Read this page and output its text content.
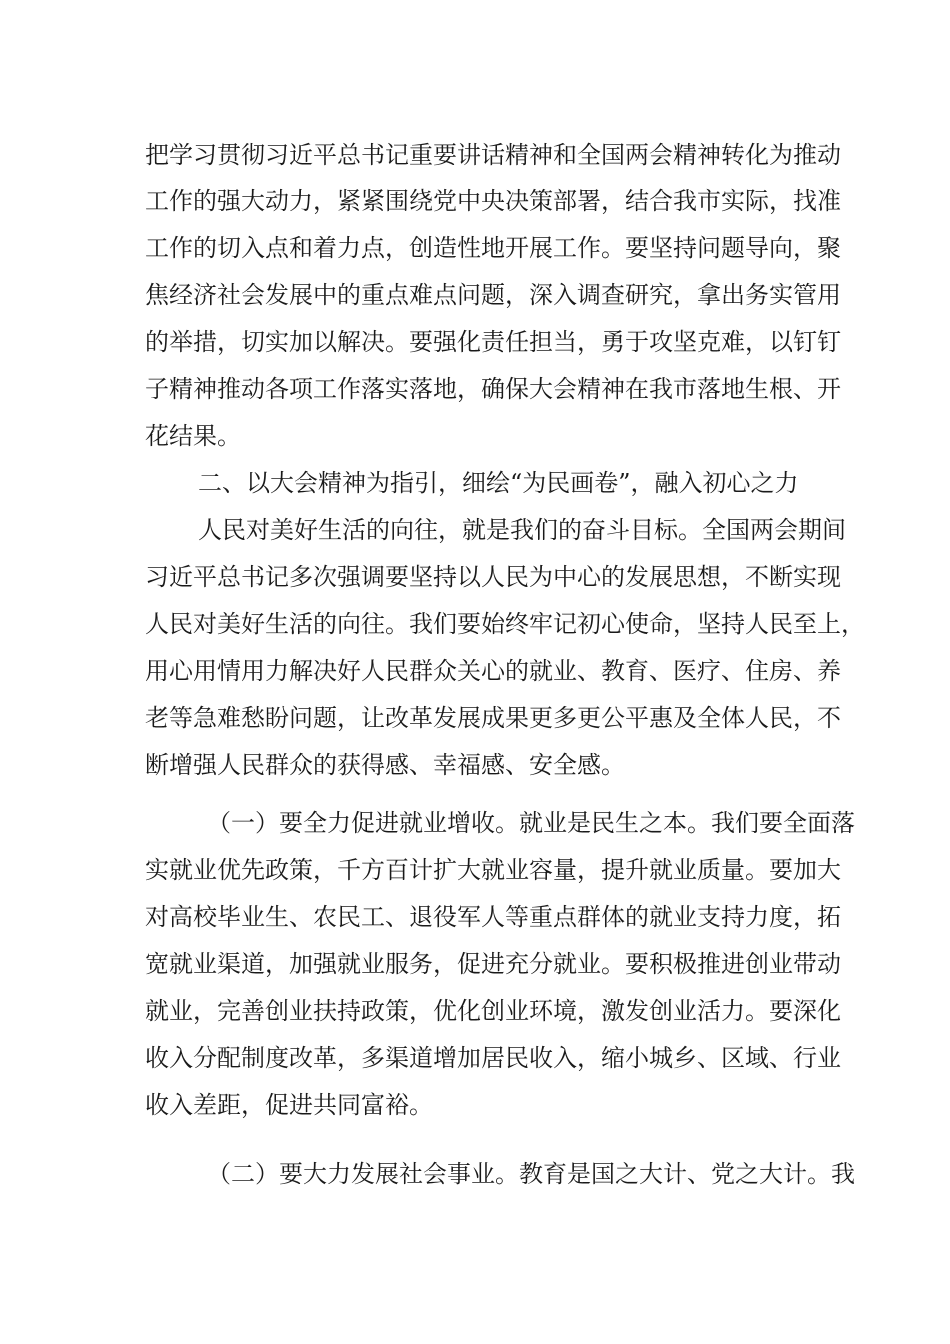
把学习贯彻习近平总书记重要讲话精神和全国两会精神转化为推动
工作的强大动力，紧紧围绕党中央决策部署，结合我市实际，找准
工作的切入点和着力点，创造性地开展工作。要坚持问题导向，聚
焦经济社会发展中的重点难点问题，深入调查研究，拿出务实管用
的举措，切实加以解决。要强化责任担当，勇于攻坚克难，以钉钉
子精神推动各项工作落实落地，确保大会精神在我市落地生根、开
花结果。
二、以大会精神为指引，细绘“为民画卷”，融入初心之力
人民对美好生活的向往，就是我们的奋斗目标。全国两会期间
习近平总书记多次强调要坚持以人民为中心的发展思想，不断实现
人民对美好生活的向往。我们要始终牢记初心使命，坚持人民至上，
用心用情用力解决好人民群众关心的就业、教育、医疗、住房、养
老等急难愁盼问题，让改革发展成果更多更公平惠及全体人民，不
断增强人民群众的获得感、幸福感、安全感。
（一）要全力促进就业增收。就业是民生之本。我们要全面落
实就业优先政策，千方百计扩大就业容量，提升就业质量。要加大
对高校毕业生、农民工、退役军人等重点群体的就业支持力度，拓
宽就业渠道，加强就业服务，促进充分就业。要积极推进创业带动
就业，完善创业扶持政策，优化创业环境，激发创业活力。要深化
收入分配制度改革，多渠道增加居民收入，缩小城乡、区域、行业
收入差距，促进共同富裕。
（二）要大力发展社会事业。教育是国之大计、党之大计。我
